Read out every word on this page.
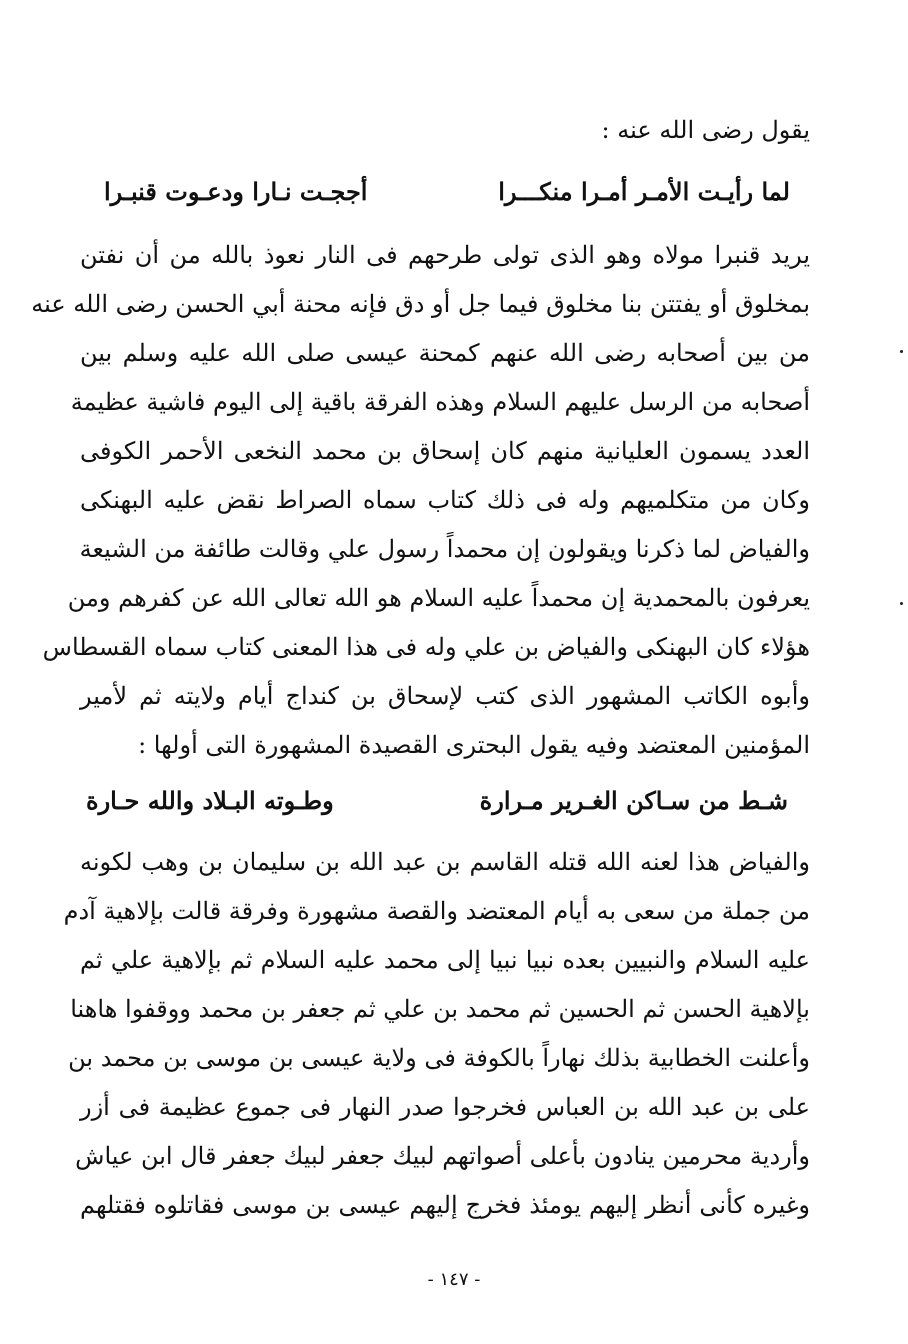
يقول رضى الله عنه :
لما رأيـت الأمـر أمـرا منكـــرا
أججـت نـارا ودعـوت قنبـرا
يريد قنبرا مولاه وهو الذى تولى طرحهم فى النار نعوذ بالله من أن نفتن
بمخلوق أو يفتتن بنا مخلوق فيما جل أو دق فإنه محنة أبي الحسن رضى الله عنه
من بين أصحابه رضى الله عنهم كمحنة عيسى صلى الله عليه وسلم بين
أصحابه من الرسل عليهم السلام وهذه الفرقة باقية إلى اليوم فاشية عظيمة
العدد يسمون العليانية منهم كان إسحاق بن محمد النخعى الأحمر الكوفى
وكان من متكلميهم وله فى ذلك كتاب سماه الصراط نقض عليه البهنكى
والفياض لما ذكرنا ويقولون إن محمداً رسول علي وقالت طائفة من الشيعة
يعرفون بالمحمدية إن محمداً عليه السلام هو الله تعالى الله عن كفرهم ومن
هؤلاء كان البهنكى والفياض بن علي وله فى هذا المعنى كتاب سماه القسطاس
وأبوه الكاتب المشهور الذى كتب لإسحاق بن كنداج أيام ولايته ثم لأمير
المؤمنين المعتضد وفيه يقول البحترى القصيدة المشهورة التى أولها :
شـط من سـاكن الغـرير مـرارة
وطـوته البـلاد والله حـارة
والفياض هذا لعنه الله قتله القاسم بن عبد الله بن سليمان بن وهب لكونه
من جملة من سعى به أيام المعتضد والقصة مشهورة وفرقة قالت بإلاهية آدم
عليه السلام والنبيين بعده نبيا نبيا إلى محمد عليه السلام ثم بإلاهية علي ثم
بإلاهية الحسن ثم الحسين ثم محمد بن علي ثم جعفر بن محمد ووقفوا هاهنا
وأعلنت الخطابية بذلك نهاراً بالكوفة فى ولاية عيسى بن موسى بن محمد بن
على بن عبد الله بن العباس فخرجوا صدر النهار فى جموع عظيمة فى أزر
وأردية محرمين ينادون بأعلى أصواتهم لبيك جعفر لبيك جعفر قال ابن عياش
وغيره كأنى أنظر إليهم يومئذ فخرج إليهم عيسى بن موسى فقاتلوه فقتلهم
- ١٤٧ -
